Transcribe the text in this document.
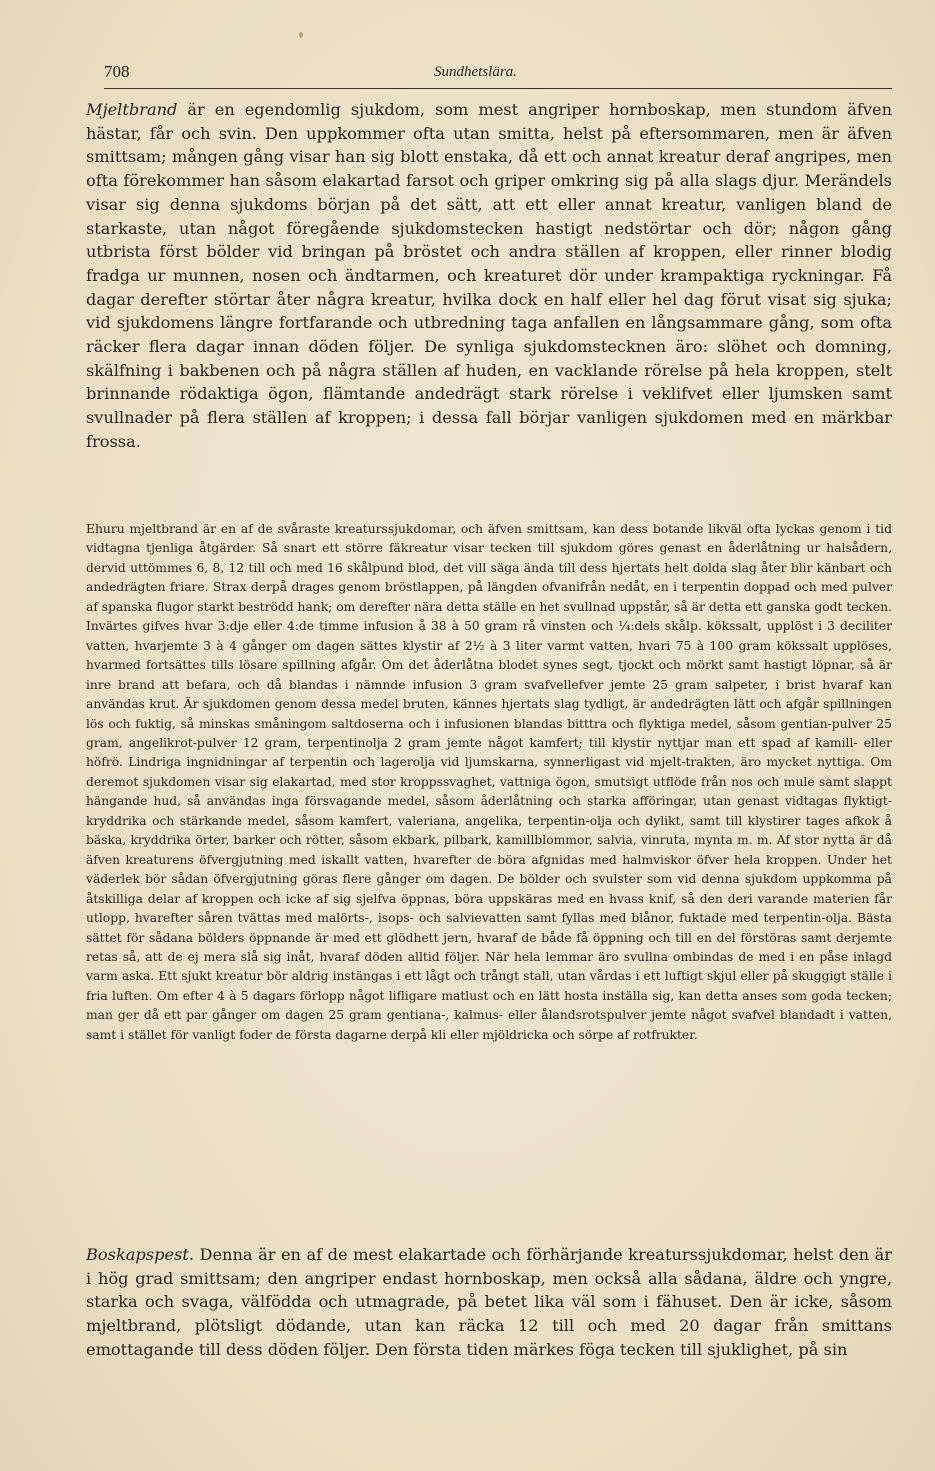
708	Sundhetslära.

Mjeltbrand är en egendomlig sjukdom, som mest angriper hornboskap, men stundom äfven hästar, får och svin. Den uppkommer ofta utan smitta, helst på eftersommaren, men är äfven smittsam; mången gång visar han sig blott enstaka, då ett och annat kreatur deraf angripes, men ofta förekommer han såsom elakartad farsot och griper omkring sig på alla slags djur. Merändels visar sig denna sjukdoms början på det sätt, att ett eller annat kreatur, vanligen bland de starkaste, utan något föregående sjukdomstecken hastigt nedstörtar och dör; någon gång utbrista först bölder vid bringan på bröstet och andra ställen af kroppen, eller rinner blodig fradga ur munnen, nosen och ändtarmen, och kreaturet dör under krampaktiga ryckningar. Få dagar derefter störtar åter några kreatur, hvilka dock en half eller hel dag förut visat sig sjuka; vid sjukdomens längre fortfarande och utbredning taga anfallen en långsammare gång, som ofta räcker flera dagar innan döden följer. De synliga sjukdomstecknen äro: slöhet och domning, skälfning i bakbenen och på några ställen af huden, en vacklande rörelse på hela kroppen, stelt brinnande rödaktiga ögon, flämtande andedrägt stark rörelse i veklifvet eller ljumsken samt svullnader på flera ställen af kroppen; i dessa fall börjar vanligen sjukdomen med en märkbar frossa.

Ehuru mjeltbrand är en af de svåraste kreaturssjukdomar, och äfven smittsam, kan dess botande likväl ofta lyckas genom i tid vidtagna tjenliga åtgärder. Så snart ett större fäkreatur visar tecken till sjukdom göres genast en åderlåtning ur halsådern, dervid uttömmes 6, 8, 12 till och med 16 skålpund blod, det vill säga ända till dess hjertats helt dolda slag åter blir känbart och andedrägten friare. Strax derpå drages genom bröstlappen, på längden ofvanifrån nedåt, en i terpentin doppad och med pulver af spanska flugor starkt beströdd hank; om derefter nära detta ställe en het svullnad uppstår, så är detta ett ganska godt tecken. Invärtes gifves hvar 3:dje eller 4:de timme infusion å 38 à 50 gram rå vinsten och ¼:dels skålp. kökssalt, upplöst i 3 deciliter vatten, hvarjemte 3 à 4 gånger om dagen sättes klystir af 2½ à 3 liter varmt vatten, hvari 75 à 100 gram kökssalt upplöses, hvarmed fortsättes tills lösare spillning afgår. Om det åderlåtna blodet synes segt, tjockt och mörkt samt hastigt löpnar, så är inre brand att befara, och då blandas i nämnde infusion 3 gram svafvellefver jemte 25 gram salpeter, i brist hvaraf kan användas krut. Är sjukdomen genom dessa medel bruten, kännes hjertats slag tydligt, är andedrägten lätt och afgår spillningen lös och fuktig, så minskas småningom saltdoserna och i infusionen blandas bitttra och flyktiga medel, såsom gentian-pulver 25 gram, angelikrot-pulver 12 gram, terpentinolja 2 gram jemte något kamfert; till klystir nyttjar man ett spad af kamill- eller höfrö. Lindriga ingnidningar af terpentin och lagerolja vid ljumskarna, synnerligast vid mjelt-trakten, äro mycket nyttiga. Om deremot sjukdomen visar sig elakartad, med stor kroppssvaghet, vattniga ögon, smutsigt utflöde från nos och mule samt slappt hängande hud, så användas inga försvagande medel, såsom åderlåtning och starka afföringar, utan genast vidtagas flyktigt-kryddrika och stärkande medel, såsom kamfert, valeriana, angelika, terpentin-olja och dylikt, samt till klystirer tages afkok å bäska, kryddrika örter, barker och rötter, såsom ekbark, pilbark, kamillblommor, salvia, vinruta, mynta m. m. Af stor nytta är då äfven kreaturens öfvergjutning med iskallt vatten, hvarefter de böra afgnidas med halmviskor öfver hela kroppen. Under het väderlek bör sådan öfvergjutning göras flere gånger om dagen. De bölder och svulster som vid denna sjukdom uppkomma på åtskilliga delar af kroppen och icke af sig sjelfva öppnas, böra uppskäras med en hvass knif, så den deri varande materien får utlopp, hvarefter såren tvättas med malörts-, isops- och salvievatten samt fyllas med blånor, fuktade med terpentin-olja. Bästa sättet för sådana bölders öppnande är med ett glödhett jern, hvaraf de både få öppning och till en del förstöras samt derjemte retas så, att de ej mera slå sig inåt, hvaraf döden alltid följer. När hela lemmar äro svullna ombindas de med i en påse inlagd varm aska. Ett sjukt kreatur bör aldrig instängas i ett lågt och trångt stall, utan vårdas i ett luftigt skjul eller på skuggigt ställe i fria luften. Om efter 4 à 5 dagars förlopp något lifligare matlust och en lätt hosta inställa sig, kan detta anses som goda tecken; man ger då ett par gånger om dagen 25 gram gentiana-, kalmus- eller ålandsrotspulver jemte något svafvel blandadt i vatten, samt i stället för vanligt foder de första dagarne derpå kli eller mjöldricka och sörpe af rotfrukter.

Boskapspest. Denna är en af de mest elakartade och förhärjande kreaturssjukdomar, helst den är i hög grad smittsam; den angriper endast hornboskap, men också alla sådana, äldre och yngre, starka och svaga, välfödda och utmagrade, på betet lika väl som i fähuset. Den är icke, såsom mjeltbrand, plötsligt dödande, utan kan räcka 12 till och med 20 dagar från smittans emottagande till dess döden följer. Den första tiden märkes föga tecken till sjuklighet, på sin
